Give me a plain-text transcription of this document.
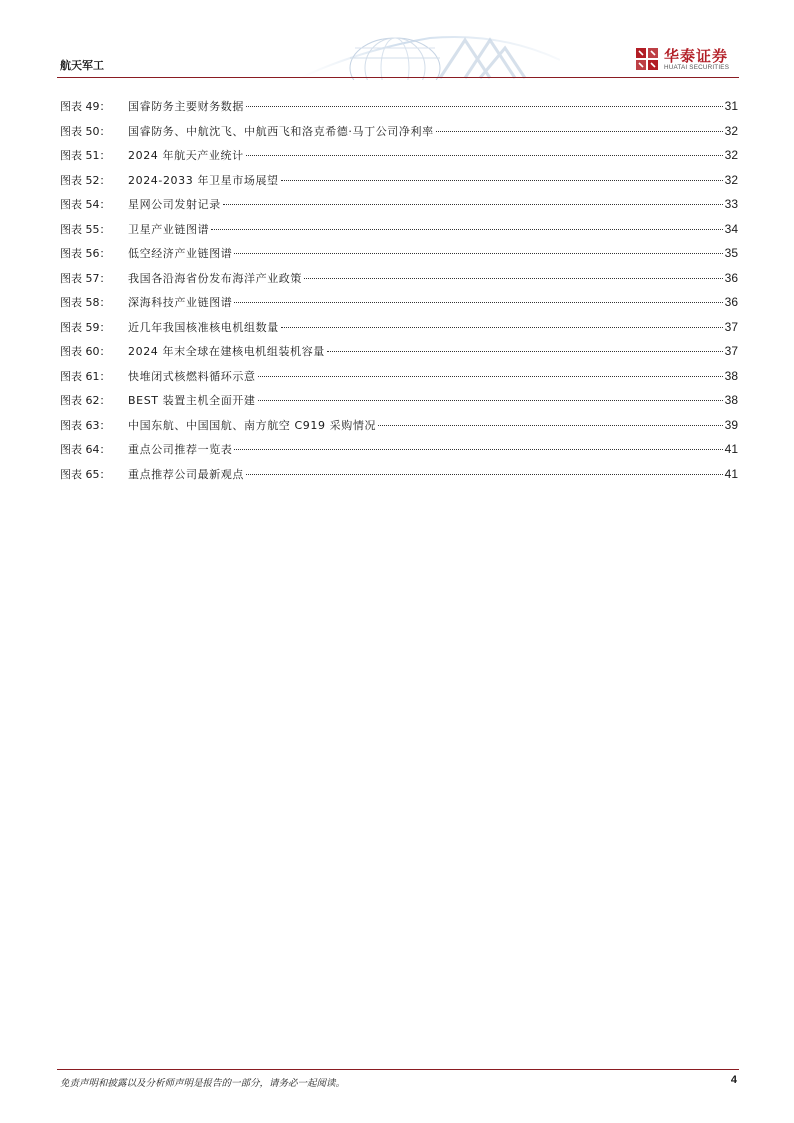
航天军工
华泰证券
HUATAI SECURITIES
图表 49：	国睿防务主要财务数据	31
图表 50：	国睿防务、中航沈飞、中航西飞和洛克希德·马丁公司净利率	32
图表 51：	2024 年航天产业统计	32
图表 52：	2024-2033 年卫星市场展望	32
图表 54：	星网公司发射记录	33
图表 55：	卫星产业链图谱	34
图表 56：	低空经济产业链图谱	35
图表 57：	我国各沿海省份发布海洋产业政策	36
图表 58：	深海科技产业链图谱	36
图表 59：	近几年我国核准核电机组数量	37
图表 60：	2024 年末全球在建核电机组装机容量	37
图表 61：	快堆闭式核燃料循环示意	38
图表 62：	BEST 装置主机全面开建	38
图表 63：	中国东航、中国国航、南方航空 C919 采购情况	39
图表 64：	重点公司推荐一览表	41
图表 65：	重点推荐公司最新观点	41
免责声明和披露以及分析师声明是报告的一部分，请务必一起阅读。	4
